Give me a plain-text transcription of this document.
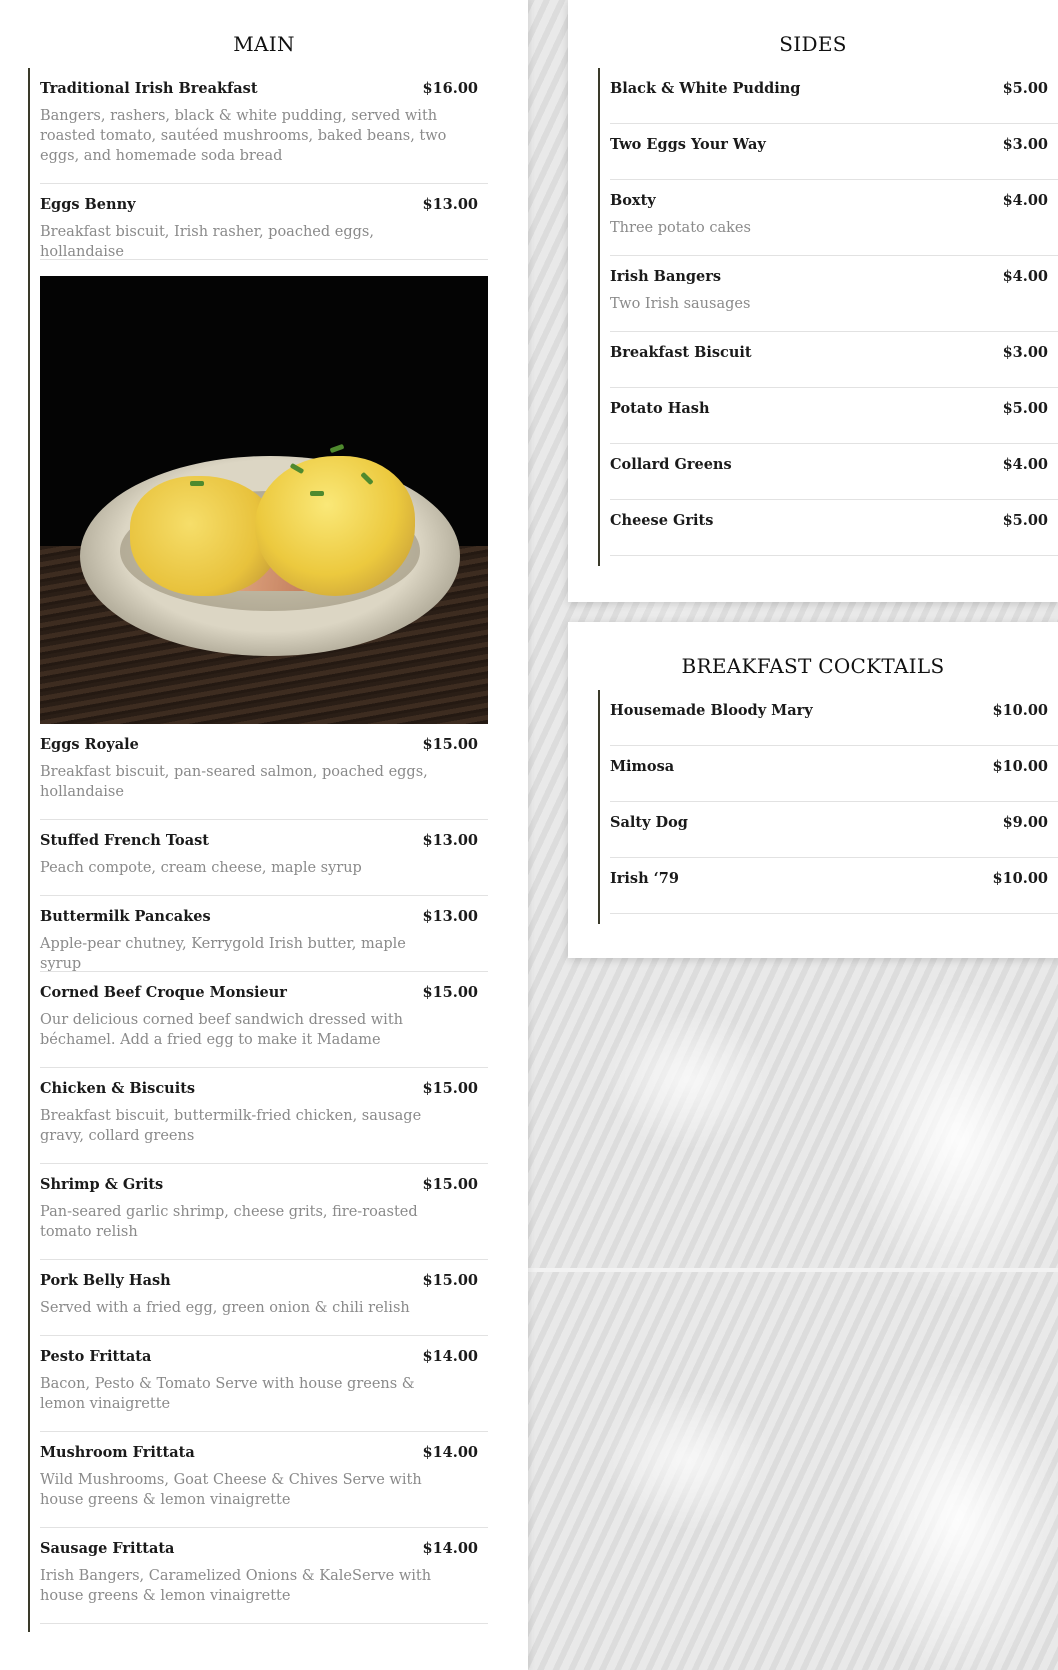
MAIN
Traditional Irish Breakfast	$16.00
Bangers, rashers, black & white pudding, served with roasted tomato, sautéed mushrooms, baked beans, two eggs, and homemade soda bread
Eggs Benny	$13.00
Breakfast biscuit, Irish rasher, poached eggs, hollandaise
Eggs Royale	$15.00
Breakfast biscuit, pan-seared salmon, poached eggs, hollandaise
Stuffed French Toast	$13.00
Peach compote, cream cheese, maple syrup
Buttermilk Pancakes	$13.00
Apple-pear chutney, Kerrygold Irish butter, maple syrup
Corned Beef Croque Monsieur	$15.00
Our delicious corned beef sandwich dressed with béchamel. Add a fried egg to make it Madame
Chicken & Biscuits	$15.00
Breakfast biscuit, buttermilk-fried chicken, sausage gravy, collard greens
Shrimp & Grits	$15.00
Pan-seared garlic shrimp, cheese grits, fire-roasted tomato relish
Pork Belly Hash	$15.00
Served with a fried egg, green onion & chili relish
Pesto Frittata	$14.00
Bacon, Pesto & Tomato Serve with house greens & lemon vinaigrette
Mushroom Frittata	$14.00
Wild Mushrooms, Goat Cheese & Chives Serve with house greens & lemon vinaigrette
Sausage Frittata	$14.00
Irish Bangers, Caramelized Onions & KaleServe with house greens & lemon vinaigrette
SIDES
Black & White Pudding	$5.00
Two Eggs Your Way	$3.00
Boxty	$4.00
Three potato cakes
Irish Bangers	$4.00
Two Irish sausages
Breakfast Biscuit	$3.00
Potato Hash	$5.00
Collard Greens	$4.00
Cheese Grits	$5.00
BREAKFAST COCKTAILS
Housemade Bloody Mary	$10.00
Mimosa	$10.00
Salty Dog	$9.00
Irish ‘79	$10.00
